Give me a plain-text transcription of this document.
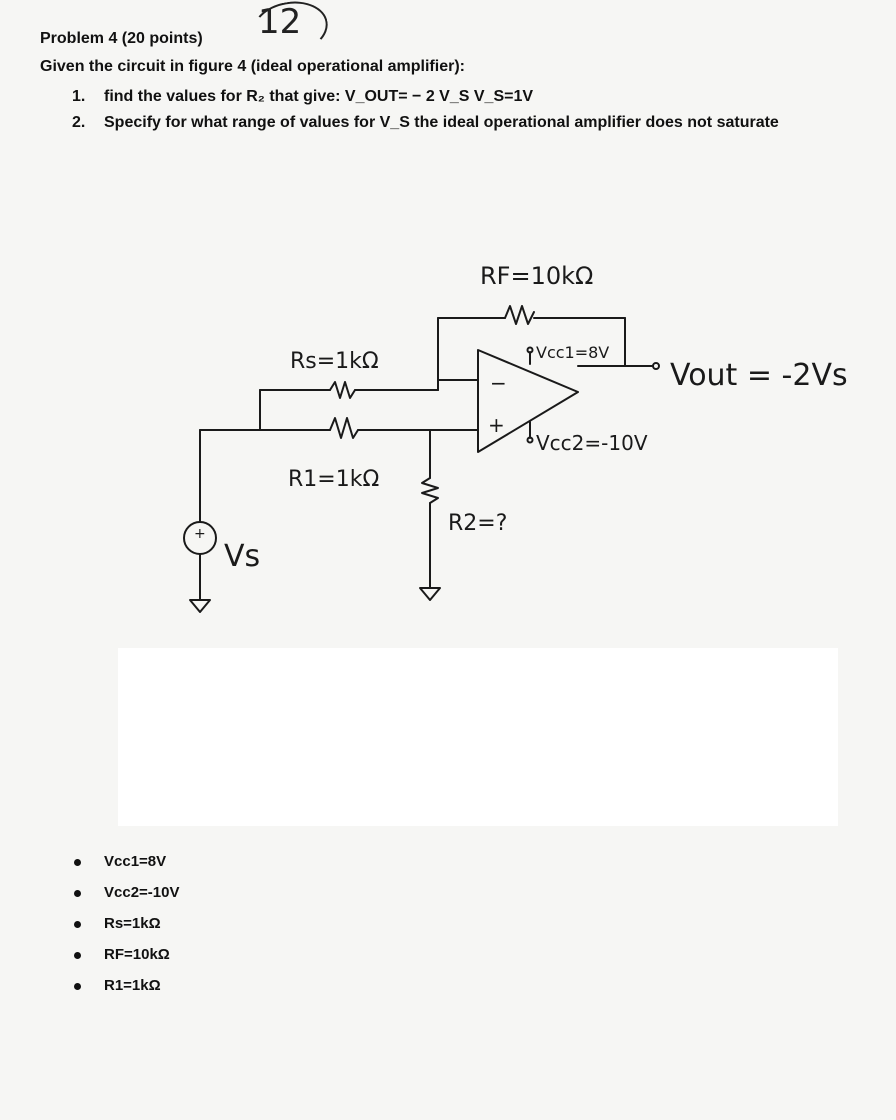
Problem 4 (20 points) 12
Given the circuit in figure 4 (ideal operational amplifier):
1.	find the values for R₂ that give: V_OUT= − 2 V_S V_S=1V
2.	Specify for what range of values for V_S the ideal operational amplifier does not saturate
RF=10kΩ
Rs=1kΩ
R1=1kΩ
R2=?
Vcc1=8V
Vcc2=-10V
Vout = -2Vs
Vs
+
−
+
Vcc1=8V
Vcc2=-10V
Rs=1kΩ
RF=10kΩ
R1=1kΩ
